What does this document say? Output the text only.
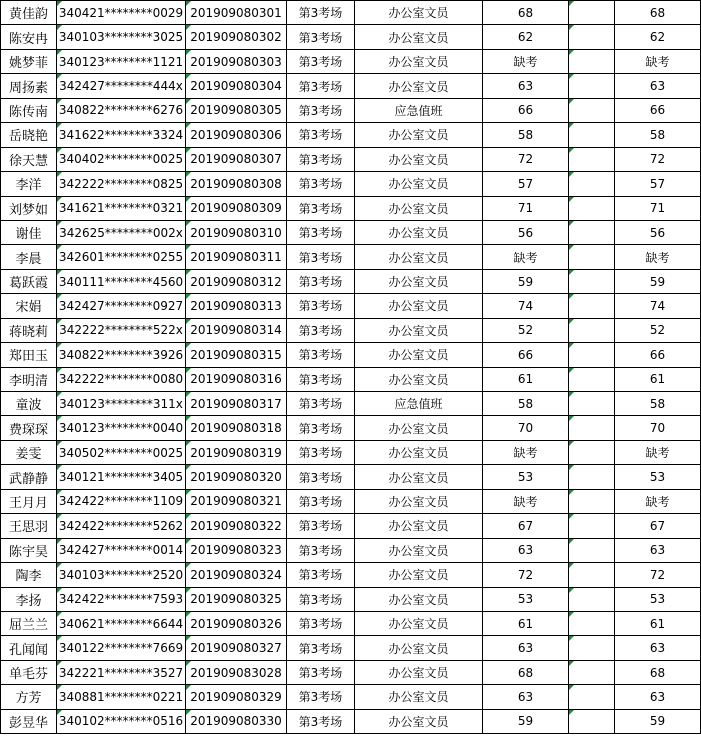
黄佳韵	340421********0029	201909080301	第3考场	办公室文员	68		68
陈安冉	340103********3025	201909080302	第3考场	办公室文员	62		62
姚梦菲	340123********1121	201909080303	第3考场	办公室文员	缺考		缺考
周扬素	342427********444x	201909080304	第3考场	办公室文员	63		63
陈传南	340822********6276	201909080305	第3考场	应急值班	66		66
岳晓艳	341622********3324	201909080306	第3考场	办公室文员	58		58
徐天慧	340402********0025	201909080307	第3考场	办公室文员	72		72
李洋	342222********0825	201909080308	第3考场	办公室文员	57		57
刘梦如	341621********0321	201909080309	第3考场	办公室文员	71		71
谢佳	342625********002x	201909080310	第3考场	办公室文员	56		56
李晨	342601********0255	201909080311	第3考场	办公室文员	缺考		缺考
葛跃霞	340111********4560	201909080312	第3考场	办公室文员	59		59
宋娟	342427********0927	201909080313	第3考场	办公室文员	74		74
蒋晓莉	342222********522x	201909080314	第3考场	办公室文员	52		52
郑田玉	340822********3926	201909080315	第3考场	办公室文员	66		66
李明清	342222********0080	201909080316	第3考场	办公室文员	61		61
童波	340123********311x	201909080317	第3考场	应急值班	58		58
费琛琛	340123********0040	201909080318	第3考场	办公室文员	70		70
姜雯	340502********0025	201909080319	第3考场	办公室文员	缺考		缺考
武静静	340121********3405	201909080320	第3考场	办公室文员	53		53
王月月	342422********1109	201909080321	第3考场	办公室文员	缺考		缺考
王思羽	342422********5262	201909080322	第3考场	办公室文员	67		67
陈宇昊	342427********0014	201909080323	第3考场	办公室文员	63		63
陶李	340103********2520	201909080324	第3考场	办公室文员	72		72
李扬	342422********7593	201909080325	第3考场	办公室文员	53		53
屈兰兰	340621********6644	201909080326	第3考场	办公室文员	61		61
孔闻闻	340122********7669	201909080327	第3考场	办公室文员	63		63
单毛芬	342221********3527	201909083028	第3考场	办公室文员	68		68
方芳	340881********0221	201909080329	第3考场	办公室文员	63		63
彭昱华	340102********0516	201909080330	第3考场	办公室文员	59		59
